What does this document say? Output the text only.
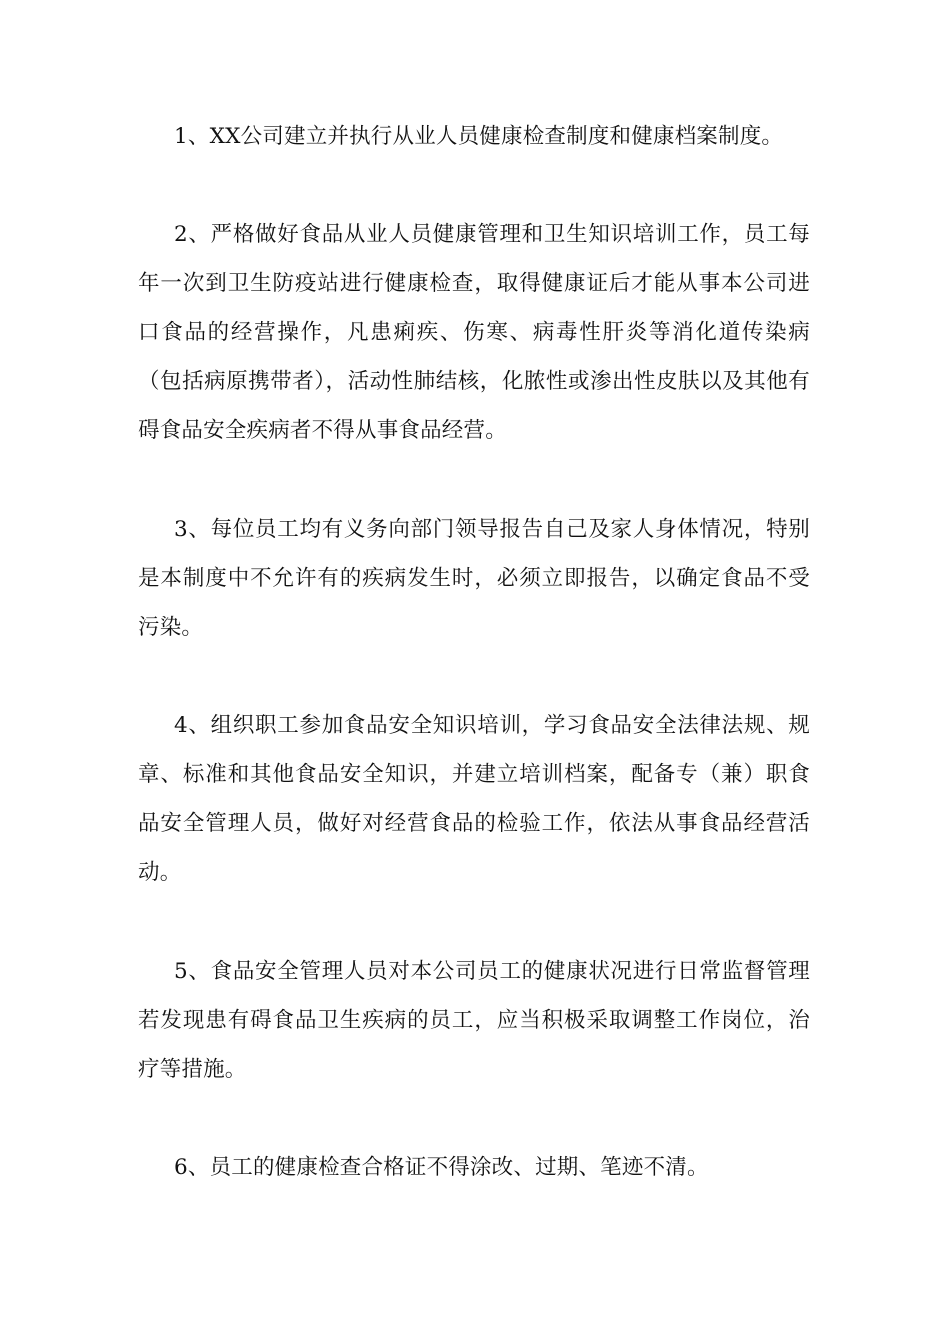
1、XX公司建立并执行从业人员健康检查制度和健康档案制度。

2、严格做好食品从业人员健康管理和卫生知识培训工作，员工每年一次到卫生防疫站进行健康检查，取得健康证后才能从事本公司进口食品的经营操作，凡患痢疾、伤寒、病毒性肝炎等消化道传染病（包括病原携带者），活动性肺结核，化脓性或渗出性皮肤以及其他有碍食品安全疾病者不得从事食品经营。

3、每位员工均有义务向部门领导报告自己及家人身体情况，特别是本制度中不允许有的疾病发生时，必须立即报告，以确定食品不受污染。

4、组织职工参加食品安全知识培训，学习食品安全法律法规、规章、标准和其他食品安全知识，并建立培训档案，配备专（兼）职食品安全管理人员，做好对经营食品的检验工作，依法从事食品经营活动。

5、食品安全管理人员对本公司员工的健康状况进行日常监督管理若发现患有碍食品卫生疾病的员工，应当积极采取调整工作岗位，治疗等措施。

6、员工的健康检查合格证不得涂改、过期、笔迹不清。
